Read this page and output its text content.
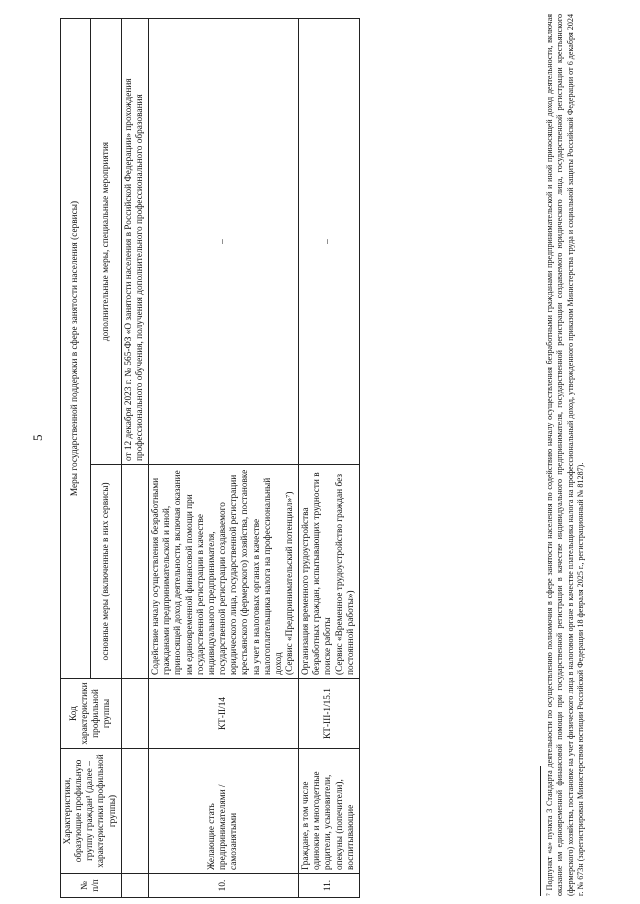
5
№ п/п	Характеристики, образующие профильную группу граждан¹ (далее – характеристики профильной группы)	Код характеристики профильной группы	Меры государственной поддержки в сфере занятости населения (сервисы)	
			основные меры (включенные в них сервисы)	дополнительные меры, специальные мероприятия
				от 12 декабря 2023 г. № 565-ФЗ «О занятости населения в Российской Федерации» прохождения профессионального обучения, получения дополнительного профессионального образования
10.	Желающие стать предпринимателями / самозанятыми	КТ-II/14	Содействие началу осуществления безработными гражданами предпринимательской и иной, приносящей доход деятельности, включая оказание им единовременной финансовой помощи при государственной регистрации в качестве индивидуального предпринимателя, государственной регистрации создаваемого юридического лица, государственной регистрации крестьянского (фермерского) хозяйства, постановке на учет в налоговых органах в качестве налогоплательщика налога на профессиональный доход (Сервис «Предпринимательский потенциал»⁷)	–
11.	Граждане, в том числе одинокие и многодетные родители, усыновители, опекуны (попечители), воспитывающие	КТ-III-1/15.1	Организация временного трудоустройства безработных граждан, испытывающих трудности в поиске работы (Сервис «Временное трудоустройство граждан без постоянной работы»)	–	⁷ Подпункт «а» пункта 3 Стандарта деятельности по осуществлению полномочия в сфере занятости населения по содействию началу осуществления безработными гражданами предпринимательской и иной приносящей доход деятельности, включая оказание им единовременной финансовой помощи при государственной регистрации в качестве индивидуального предпринимателя, государственной регистрации создаваемого юридического лица, государственной регистрации крестьянского (фермерского) хозяйства, постановке на учет физического лица в налоговом органе в качестве плательщика налога на профессиональный доход, утвержденного приказом Министерства труда и социальной защиты Российской Федерации от 6 декабря 2024 г. № 673н (зарегистрирован Министерством юстиции Российской Федерации 18 февраля 2025 г., регистрационный № 81287).
